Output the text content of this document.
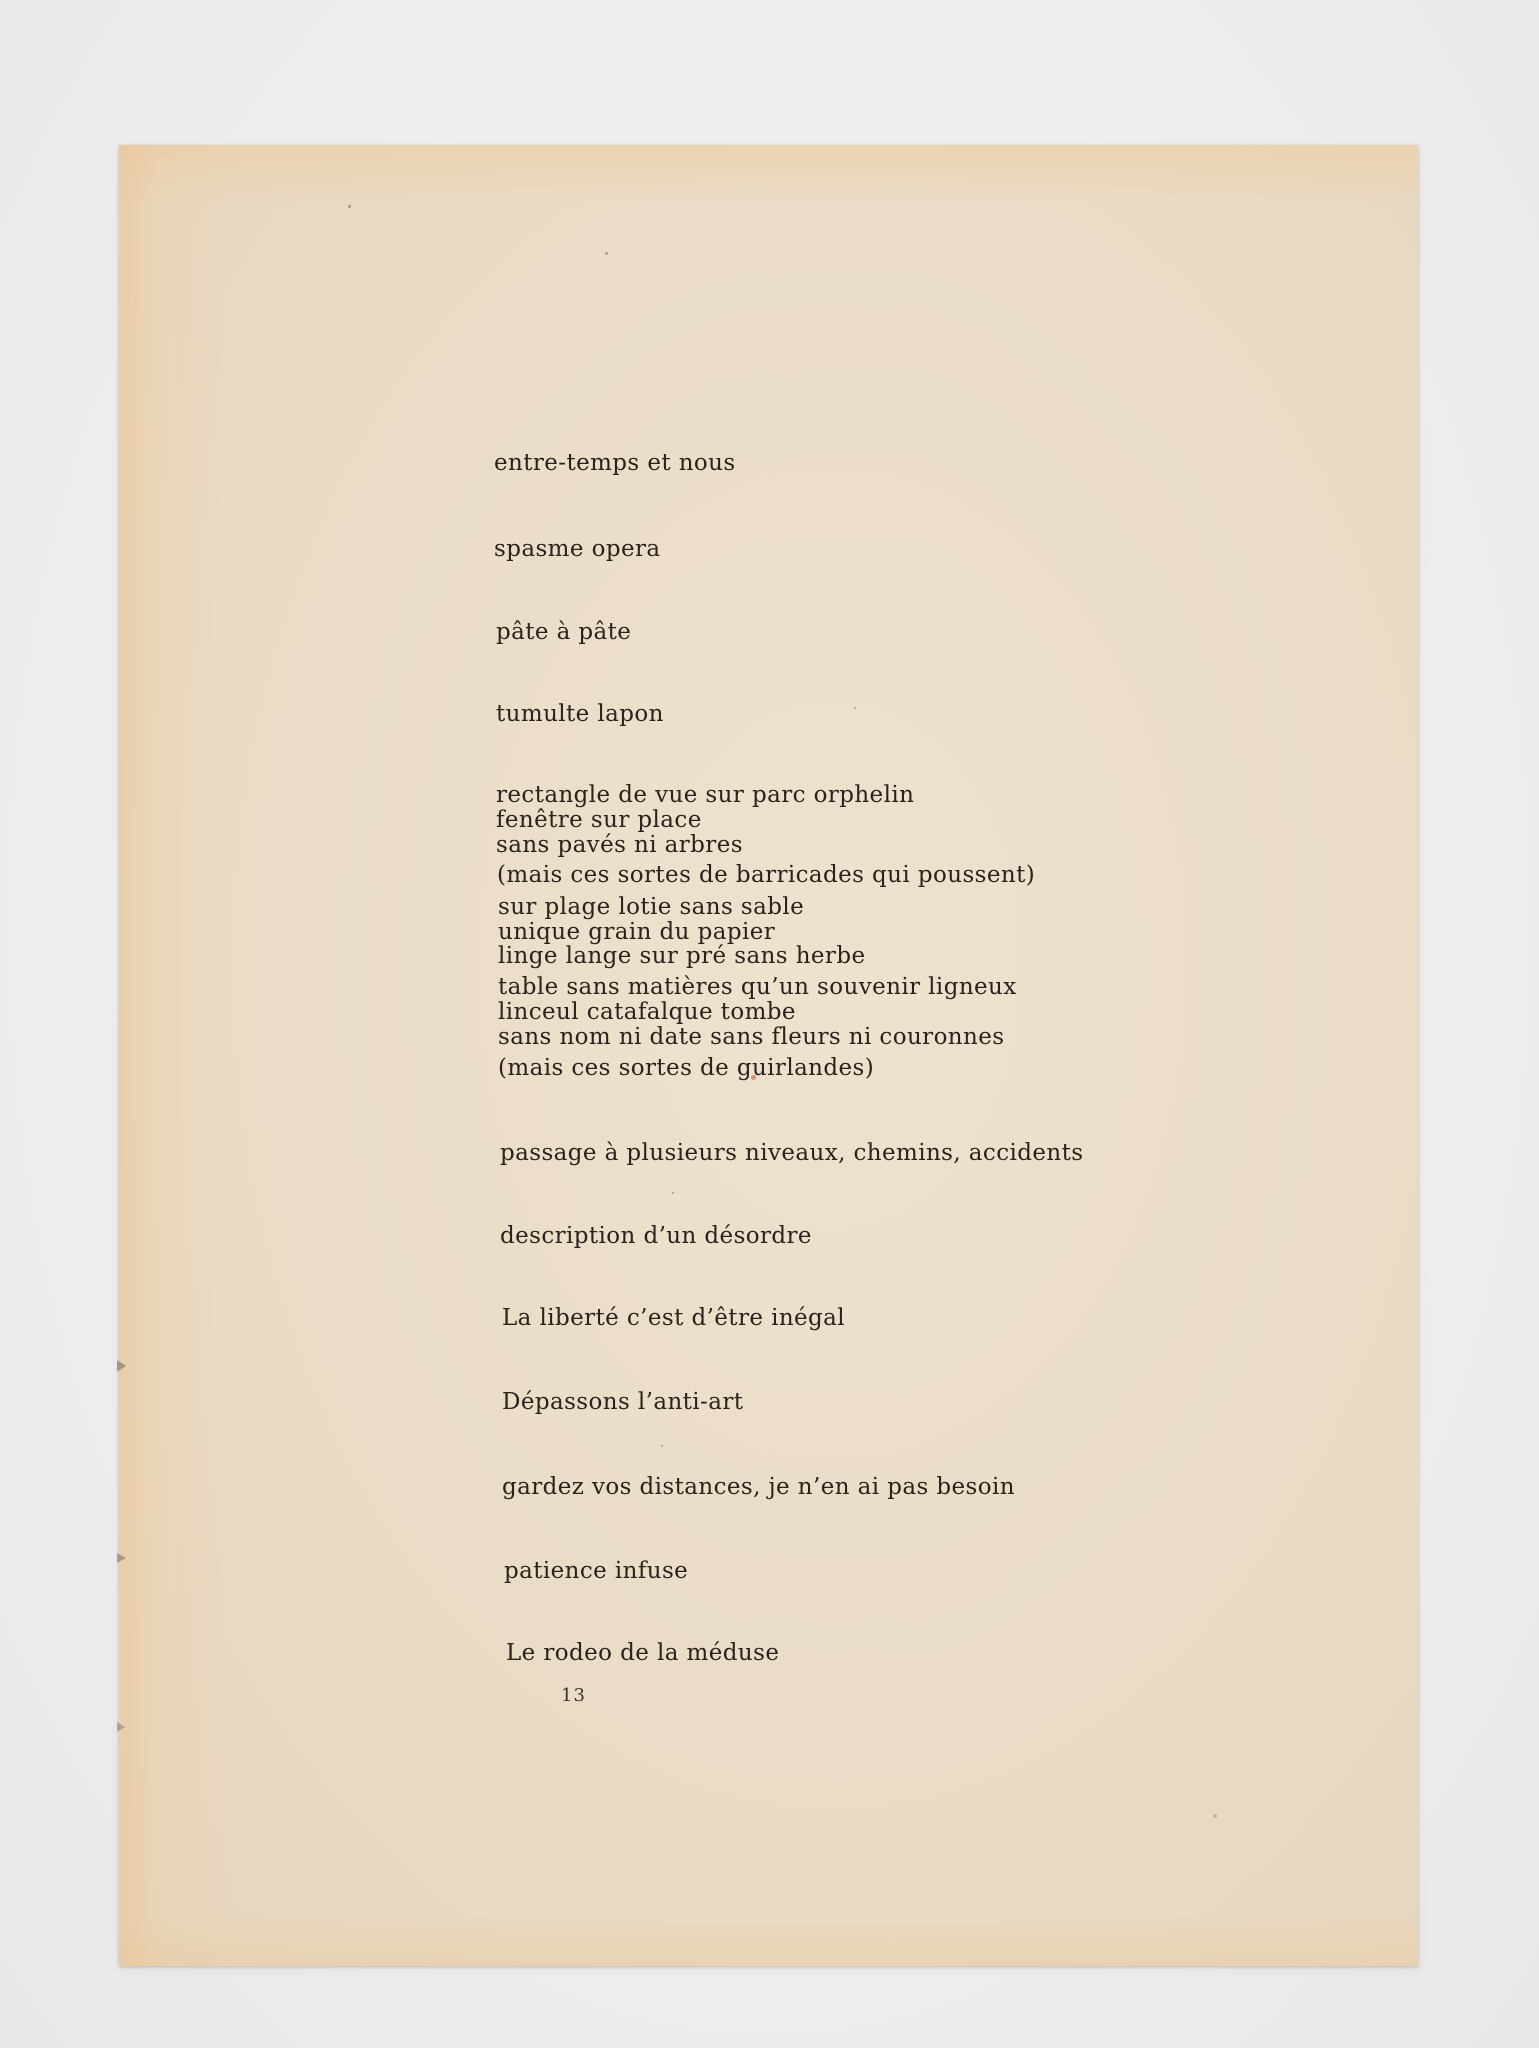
entre-temps et nous

spasme opera

pâte à pâte

tumulte lapon

rectangle de vue sur parc orphelin

fenêtre sur place

sans pavés ni arbres

(mais ces sortes de barricades qui poussent)

sur plage lotie sans sable

unique grain du papier

linge lange sur pré sans herbe

table sans matières qu’un souvenir ligneux

linceul catafalque tombe

sans nom ni date sans fleurs ni couronnes

(mais ces sortes de guirlandes)

passage à plusieurs niveaux, chemins, accidents

description d’un désordre

La liberté c’est d’être inégal

Dépassons l’anti-art

gardez vos distances, je n’en ai pas besoin

patience infuse

Le rodeo de la méduse

13
